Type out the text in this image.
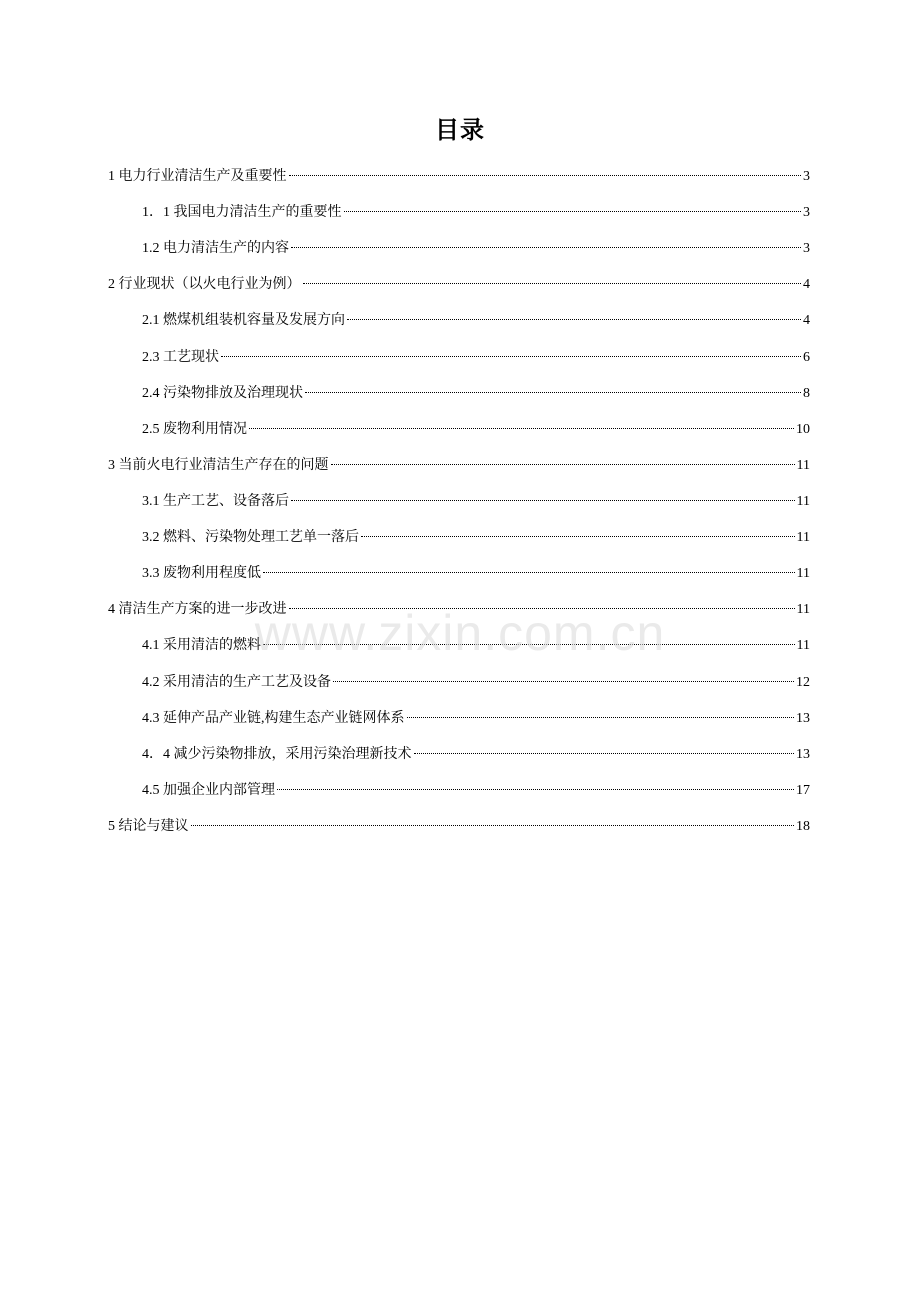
目录
1 电力行业清洁生产及重要性	3
1．1 我国电力清洁生产的重要性	3
1.2 电力清洁生产的内容	3
2 行业现状（以火电行业为例）	4
2.1 燃煤机组装机容量及发展方向	4
2.3 工艺现状	6
2.4 污染物排放及治理现状	8
2.5 废物利用情况	10
3 当前火电行业清洁生产存在的问题	11
3.1 生产工艺、设备落后	11
3.2 燃料、污染物处理工艺单一落后	11
3.3 废物利用程度低	11
4 清洁生产方案的进一步改进	11
4.1 采用清洁的燃料	11
4.2 采用清洁的生产工艺及设备	12
4.3 延伸产品产业链,构建生态产业链网体系	13
4．4 减少污染物排放，采用污染治理新技术	13
4.5 加强企业内部管理	17
5 结论与建议	18
www.zixin.com.cn
